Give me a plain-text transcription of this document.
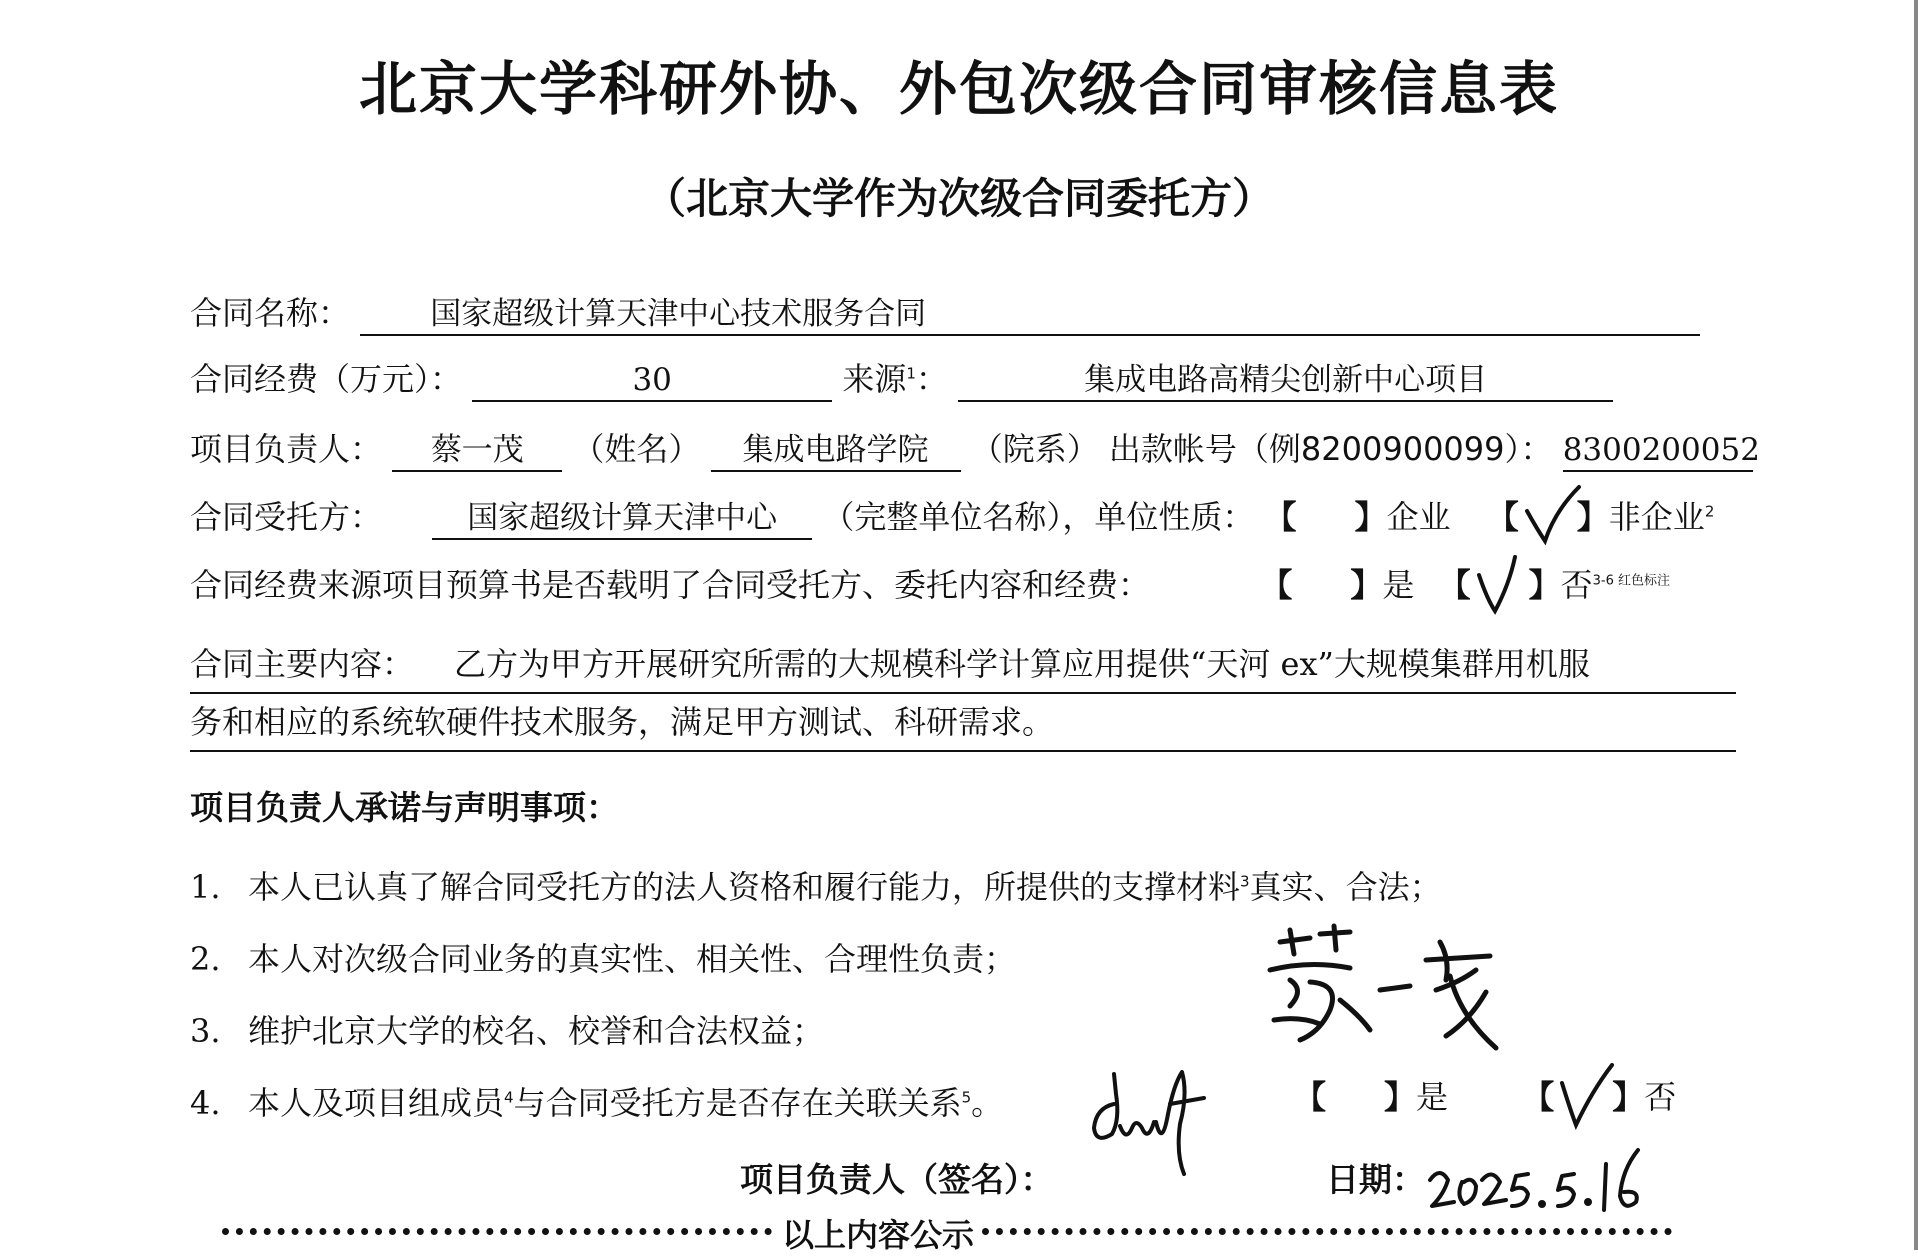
北京大学科研外协、外包次级合同审核信息表
（北京大学作为次级合同委托方）
合同名称：	国家超级计算天津中心技术服务合同
合同经费（万元）：	30	来源$^1$：	集成电路高精尖创新中心项目
项目负责人： 蔡一茂 （姓名） 集成电路学院 （院系） 出款帐号（例8200900099）： 8300200052
合同受托方：	国家超级计算天津中心 （完整单位名称），单位性质： 【 】企业 【 】非企业$^2$
合同经费来源项目预算书是否载明了合同受托方、委托内容和经费：	【 】是 【 】否$^{3-6 红色标注}$
合同主要内容： 乙方为甲方开展研究所需的大规模科学计算应用提供“天河 ex”大规模集群用机服
务和相应的系统软硬件技术服务，满足甲方测试、科研需求。
项目负责人承诺与声明事项：
1. 本人已认真了解合同受托方的法人资格和履行能力，所提供的支撑材料$^3$真实、合法；
2. 本人对次级合同业务的真实性、相关性、合理性负责；
3. 维护北京大学的校名、校誉和合法权益；
4. 本人及项目组成员$^4$与合同受托方是否存在关联关系$^5$。	【 】是 【 】否
项目负责人（签名）：	日期：
以上内容公示
